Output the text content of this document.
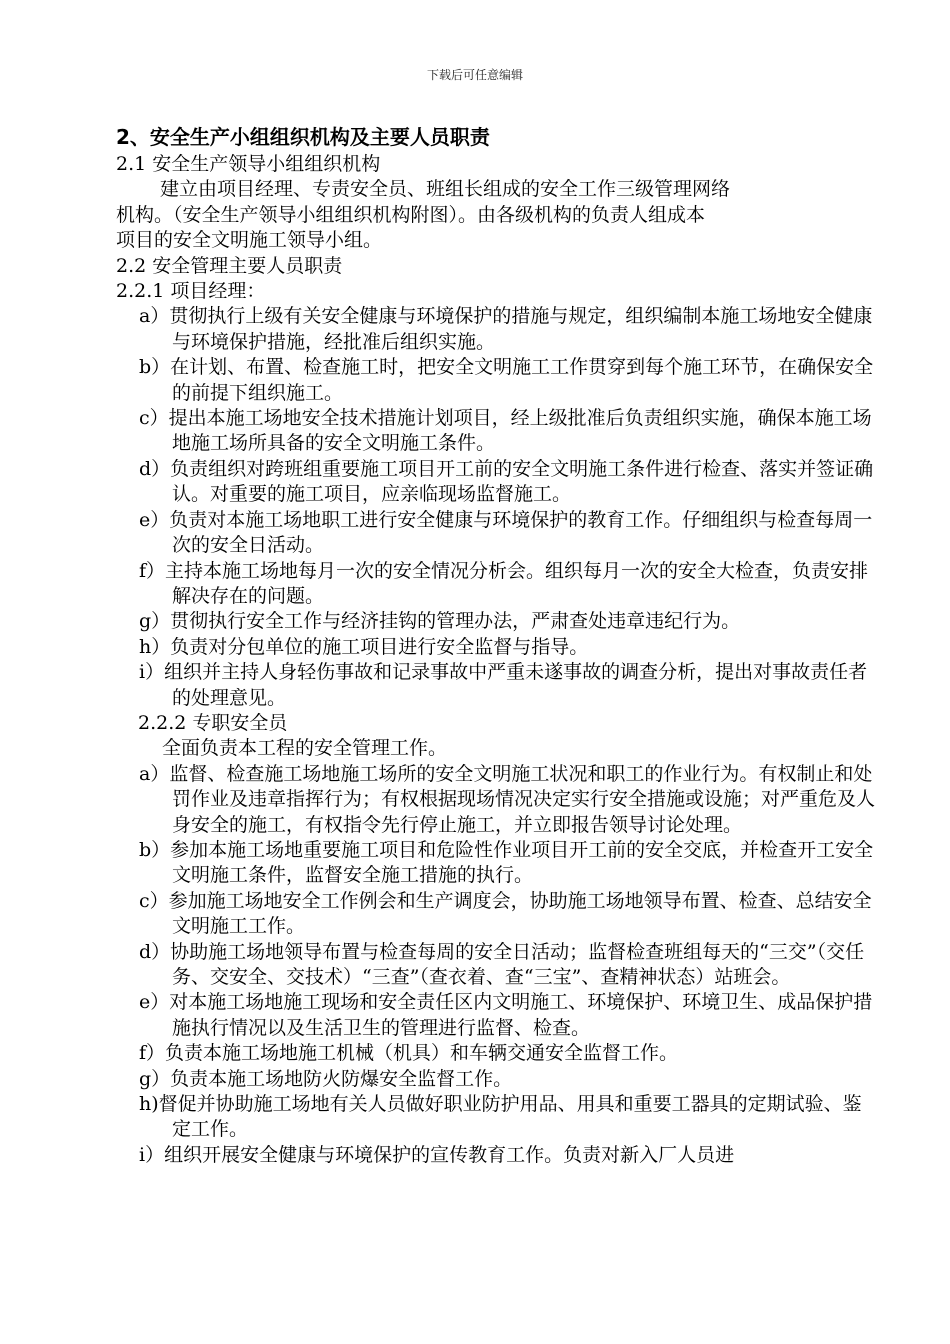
下载后可任意编辑
2、安全生产小组组织机构及主要人员职责
2.1 安全生产领导小组组织机构
建立由项目经理、专责安全员、班组长组成的安全工作三级管理网络
机构。（安全生产领导小组组织机构附图）。由各级机构的负责人组成本
项目的安全文明施工领导小组。
2.2 安全管理主要人员职责
2.2.1 项目经理：
a）贯彻执行上级有关安全健康与环境保护的措施与规定，组织编制本施工场地安全健康与环境保护措施，经批准后组织实施。
b）在计划、布置、检查施工时，把安全文明施工工作贯穿到每个施工环节，在确保安全的前提下组织施工。
c）提出本施工场地安全技术措施计划项目，经上级批准后负责组织实施，确保本施工场地施工场所具备的安全文明施工条件。
d）负责组织对跨班组重要施工项目开工前的安全文明施工条件进行检查、落实并签证确认。对重要的施工项目，应亲临现场监督施工。
e）负责对本施工场地职工进行安全健康与环境保护的教育工作。仔细组织与检查每周一次的安全日活动。
f）主持本施工场地每月一次的安全情况分析会。组织每月一次的安全大检查，负责安排解决存在的问题。
g）贯彻执行安全工作与经济挂钩的管理办法，严肃查处违章违纪行为。
h）负责对分包单位的施工项目进行安全监督与指导。
i）组织并主持人身轻伤事故和记录事故中严重未遂事故的调查分析，提出对事故责任者的处理意见。
2.2.2 专职安全员
全面负责本工程的安全管理工作。
a）监督、检查施工场地施工场所的安全文明施工状况和职工的作业行为。有权制止和处罚作业及违章指挥行为；有权根据现场情况决定实行安全措施或设施；对严重危及人身安全的施工，有权指令先行停止施工，并立即报告领导讨论处理。
b）参加本施工场地重要施工项目和危险性作业项目开工前的安全交底，并检查开工安全文明施工条件，监督安全施工措施的执行。
c）参加施工场地安全工作例会和生产调度会，协助施工场地领导布置、检查、总结安全文明施工工作。
d）协助施工场地领导布置与检查每周的安全日活动；监督检查班组每天的“三交”（交任务、交安全、交技术）“三查”（查衣着、查“三宝”、查精神状态）站班会。
e）对本施工场地施工现场和安全责任区内文明施工、环境保护、环境卫生、成品保护措施执行情况以及生活卫生的管理进行监督、检查。
f）负责本施工场地施工机械（机具）和车辆交通安全监督工作。
g）负责本施工场地防火防爆安全监督工作。
h)督促并协助施工场地有关人员做好职业防护用品、用具和重要工器具的定期试验、鉴定工作。
i）组织开展安全健康与环境保护的宣传教育工作。负责对新入厂人员进
